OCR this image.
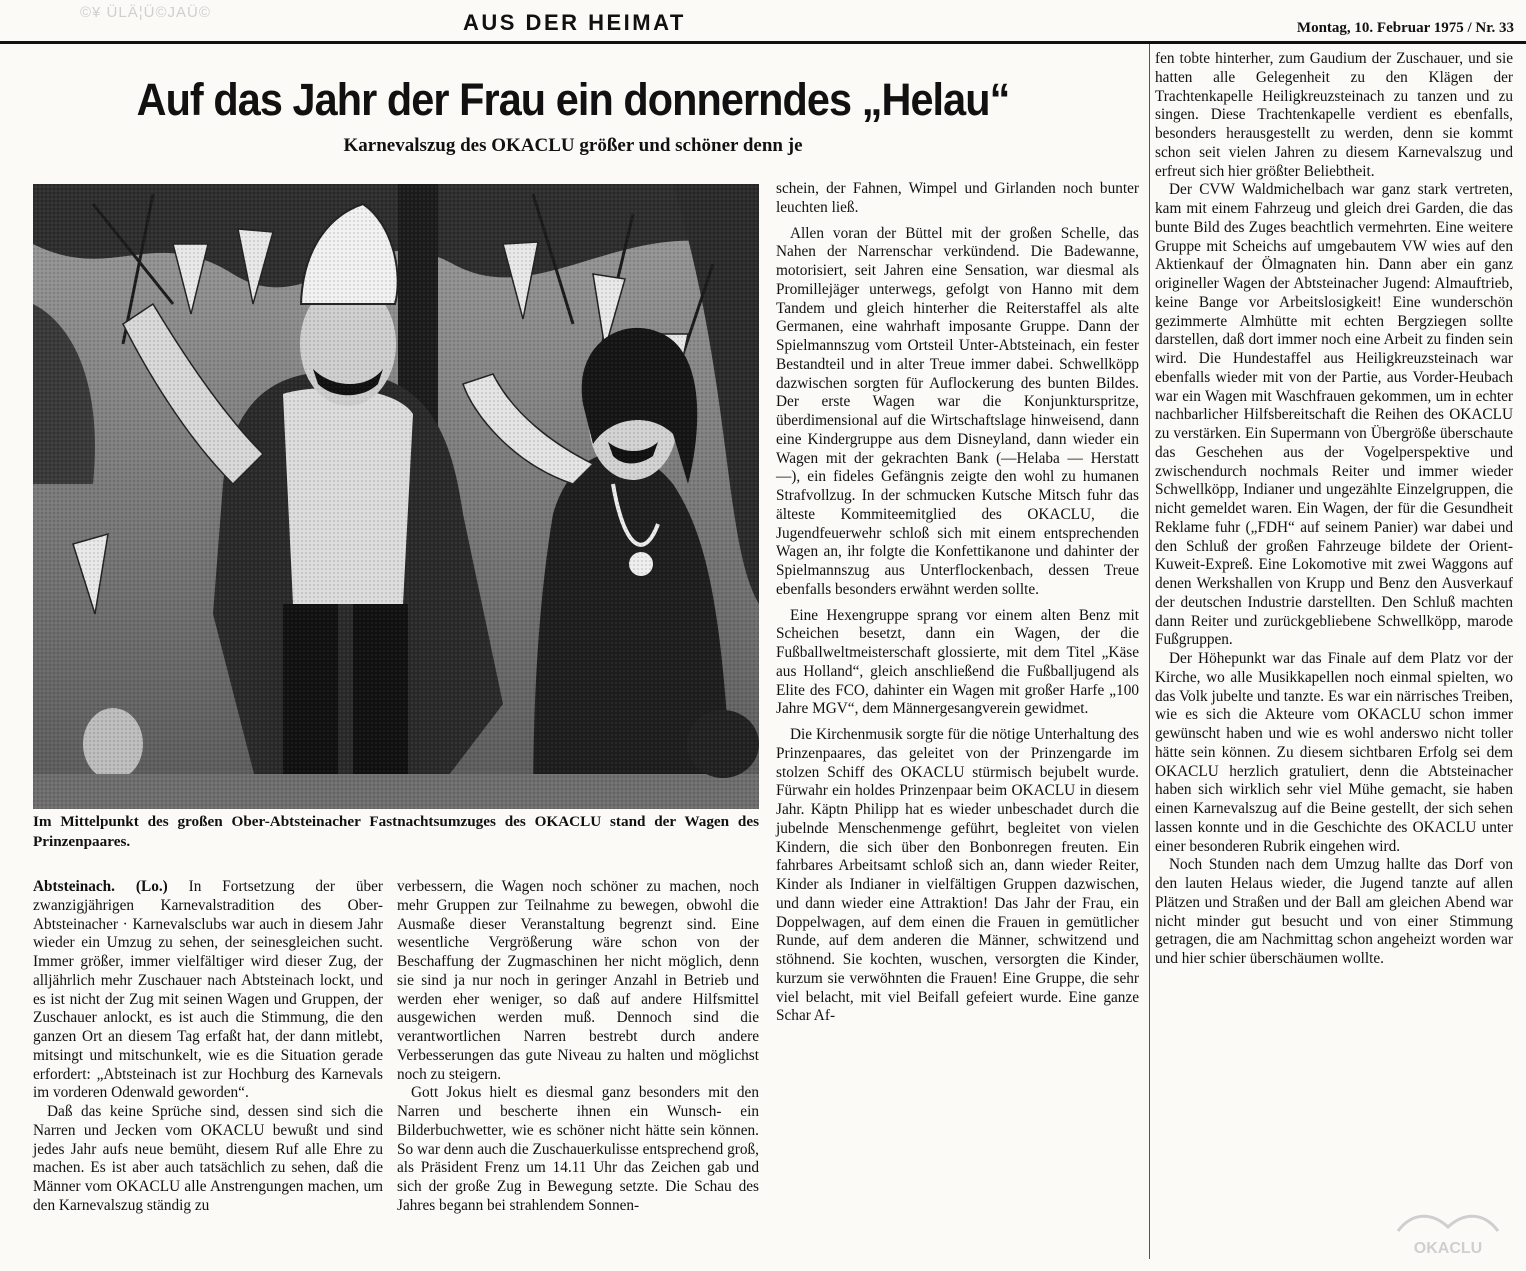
©¥ ÜLÄ¦Ü©JAÜ©	AUS DER HEIMAT	Montag, 10. Februar 1975 / Nr. 33
Auf das Jahr der Frau ein donnerndes „Helau“
Karnevalszug des OKACLU größer und schöner denn je

Im Mittelpunkt des großen Ober-Abtsteinacher Fastnachtsumzuges des OKACLU stand der Wagen des Prinzenpaares.

Abtsteinach. (Lo.) In Fortsetzung der über zwanzigjährigen Karnevalstradition des Ober-Abtsteinacher · Karnevalsclubs war auch in diesem Jahr wieder ein Umzug zu sehen, der seinesgleichen sucht. Immer größer, immer vielfältiger wird dieser Zug, der alljährlich mehr Zuschauer nach Abtsteinach lockt, und es ist nicht der Zug mit seinen Wagen und Gruppen, der Zuschauer anlockt, es ist auch die Stimmung, die den ganzen Ort an diesem Tag erfaßt hat, der dann mitlebt, mitsingt und mitschunkelt, wie es die Situation gerade erfordert: „Abtsteinach ist zur Hochburg des Karnevals im vorderen Odenwald geworden“.

Daß das keine Sprüche sind, dessen sind sich die Narren und Jecken vom OKACLU bewußt und sind jedes Jahr aufs neue bemüht, diesem Ruf alle Ehre zu machen. Es ist aber auch tatsächlich zu sehen, daß die Männer vom OKACLU alle Anstrengungen machen, um den Karnevalszug ständig zu

verbessern, die Wagen noch schöner zu machen, noch mehr Gruppen zur Teilnahme zu bewegen, obwohl die Ausmaße dieser Veranstaltung begrenzt sind. Eine wesentliche Vergrößerung wäre schon von der Beschaffung der Zugmaschinen her nicht möglich, denn sie sind ja nur noch in geringer Anzahl in Betrieb und werden eher weniger, so daß auf andere Hilfsmittel ausgewichen werden muß. Dennoch sind die verantwortlichen Narren bestrebt durch andere Verbesserungen das gute Niveau zu halten und möglichst noch zu steigern.

Gott Jokus hielt es diesmal ganz besonders mit den Narren und bescherte ihnen ein Wunsch- ein Bilderbuchwetter, wie es schöner nicht hätte sein können. So war denn auch die Zuschauerkulisse entsprechend groß, als Präsident Frenz um 14.11 Uhr das Zeichen gab und sich der große Zug in Bewegung setzte. Die Schau des Jahres begann bei strahlendem Sonnen-

schein, der Fahnen, Wimpel und Girlanden noch bunter leuchten ließ.

Allen voran der Büttel mit der großen Schelle, das Nahen der Narrenschar verkündend. Die Badewanne, motorisiert, seit Jahren eine Sensation, war diesmal als Promillejäger unterwegs, gefolgt von Hanno mit dem Tandem und gleich hinterher die Reiterstaffel als alte Germanen, eine wahrhaft imposante Gruppe. Dann der Spielmannszug vom Ortsteil Unter-Abtsteinach, ein fester Bestandteil und in alter Treue immer dabei. Schwellköpp dazwischen sorgten für Auflockerung des bunten Bildes. Der erste Wagen war die Konjunkturspritze, überdimensional auf die Wirtschaftslage hinweisend, dann eine Kindergruppe aus dem Disneyland, dann wieder ein Wagen mit der gekrachten Bank (—Helaba — Herstatt —), ein fideles Gefängnis zeigte den wohl zu humanen Strafvollzug. In der schmucken Kutsche Mitsch fuhr das älteste Kommiteemitglied des OKACLU, die Jugendfeuerwehr schloß sich mit einem entsprechenden Wagen an, ihr folgte die Konfettikanone und dahinter der Spielmannszug aus Unterflockenbach, dessen Treue ebenfalls besonders erwähnt werden sollte.

Eine Hexengruppe sprang vor einem alten Benz mit Scheichen besetzt, dann ein Wagen, der die Fußballweltmeisterschaft glossierte, mit dem Titel „Käse aus Holland“, gleich anschließend die Fußballjugend als Elite des FCO, dahinter ein Wagen mit großer Harfe „100 Jahre MGV“, dem Männergesangverein gewidmet.

Die Kirchenmusik sorgte für die nötige Unterhaltung des Prinzenpaares, das geleitet von der Prinzengarde im stolzen Schiff des OKACLU stürmisch bejubelt wurde. Fürwahr ein holdes Prinzenpaar beim OKACLU in diesem Jahr. Käptn Philipp hat es wieder unbeschadet durch die jubelnde Menschenmenge geführt, begleitet von vielen Kindern, die sich über den Bonbonregen freuten. Ein fahrbares Arbeitsamt schloß sich an, dann wieder Reiter, Kinder als Indianer in vielfältigen Gruppen dazwischen, und dann wieder eine Attraktion! Das Jahr der Frau, ein Doppelwagen, auf dem einen die Frauen in gemütlicher Runde, auf dem anderen die Männer, schwitzend und stöhnend. Sie kochten, wuschen, versorgten die Kinder, kurzum sie verwöhnten die Frauen! Eine Gruppe, die sehr viel belacht, mit viel Beifall gefeiert wurde. Eine ganze Schar Af-

fen tobte hinterher, zum Gaudium der Zuschauer, und sie hatten alle Gelegenheit zu den Klägen der Trachtenkapelle Heiligkreuzsteinach zu tanzen und zu singen. Diese Trachtenkapelle verdient es ebenfalls, besonders herausgestellt zu werden, denn sie kommt schon seit vielen Jahren zu diesem Karnevalszug und erfreut sich hier größter Beliebtheit.

Der CVW Waldmichelbach war ganz stark vertreten, kam mit einem Fahrzeug und gleich drei Garden, die das bunte Bild des Zuges beachtlich vermehrten. Eine weitere Gruppe mit Scheichs auf umgebautem VW wies auf den Aktienkauf der Ölmagnaten hin. Dann aber ein ganz origineller Wagen der Abtsteinacher Jugend: Almauftrieb, keine Bange vor Arbeitslosigkeit! Eine wunderschön gezimmerte Almhütte mit echten Bergziegen sollte darstellen, daß dort immer noch eine Arbeit zu finden sein wird. Die Hundestaffel aus Heiligkreuzsteinach war ebenfalls wieder mit von der Partie, aus Vorder-Heubach war ein Wagen mit Waschfrauen gekommen, um in echter nachbarlicher Hilfsbereitschaft die Reihen des OKACLU zu verstärken. Ein Supermann von Übergröße überschaute das Geschehen aus der Vogelperspektive und zwischendurch nochmals Reiter und immer wieder Schwellköpp, Indianer und ungezählte Einzelgruppen, die nicht gemeldet waren. Ein Wagen, der für die Gesundheit Reklame fuhr („FDH“ auf seinem Panier) war dabei und den Schluß der großen Fahrzeuge bildete der Orient-Kuweit-Expreß. Eine Lokomotive mit zwei Waggons auf denen Werkshallen von Krupp und Benz den Ausverkauf der deutschen Industrie darstellten. Den Schluß machten dann Reiter und zurückgebliebene Schwellköpp, marode Fußgruppen.

Der Höhepunkt war das Finale auf dem Platz vor der Kirche, wo alle Musikkapellen noch einmal spielten, wo das Volk jubelte und tanzte. Es war ein närrisches Treiben, wie es sich die Akteure vom OKACLU schon immer gewünscht haben und wie es wohl anderswo nicht toller hätte sein können. Zu diesem sichtbaren Erfolg sei dem OKACLU herzlich gratuliert, denn die Abtsteinacher haben sich wirklich sehr viel Mühe gemacht, sie haben einen Karnevalszug auf die Beine gestellt, der sich sehen lassen konnte und in die Geschichte des OKACLU unter einer besonderen Rubrik eingehen wird.

Noch Stunden nach dem Umzug hallte das Dorf von den lauten Helaus wieder, die Jugend tanzte auf allen Plätzen und Straßen und der Ball am gleichen Abend war nicht minder gut besucht und von einer Stimmung getragen, die am Nachmittag schon angeheizt worden war und hier schier überschäumen wollte.

OKACLU
